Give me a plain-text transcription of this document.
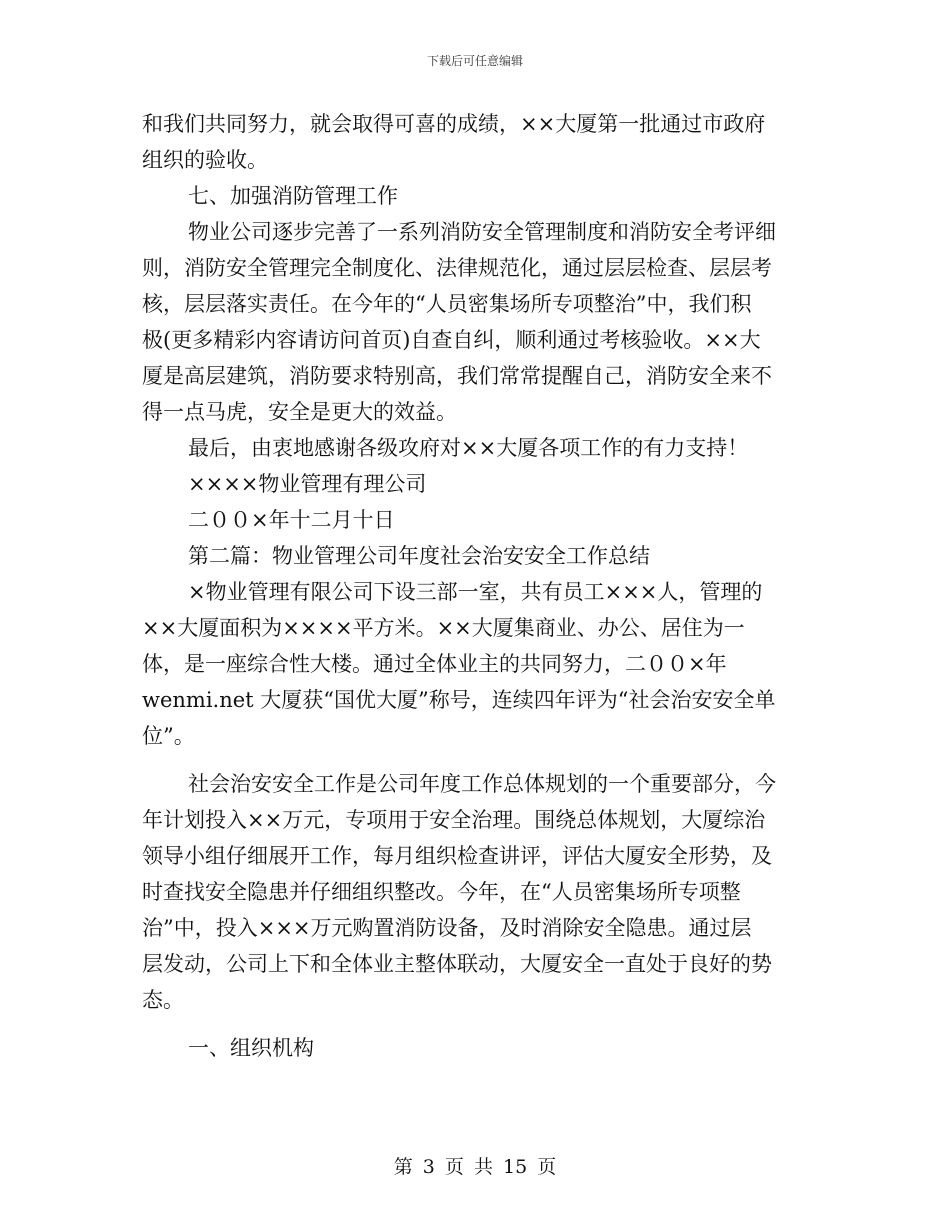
下载后可任意编辑
和我们共同努力，就会取得可喜的成绩，××大厦第一批通过市政府
组织的验收。
七、加强消防管理工作
物业公司逐步完善了一系列消防安全管理制度和消防安全考评细
则，消防安全管理完全制度化、法律规范化，通过层层检查、层层考
核，层层落实责任。在今年的“人员密集场所专项整治”中，我们积
极(更多精彩内容请访问首页)自查自纠，顺利通过考核验收。××大
厦是高层建筑，消防要求特别高，我们常常提醒自己，消防安全来不
得一点马虎，安全是更大的效益。
最后，由衷地感谢各级攻府对××大厦各项工作的有力支持！
××××物业管理有理公司
二００×年十二月十日
第二篇：物业管理公司年度社会治安安全工作总结
×物业管理有限公司下设三部一室，共有员工×××人，管理的
××大厦面积为××××平方米。××大厦集商业、办公、居住为一
体，是一座综合性大楼。通过全体业主的共同努力，二００×年
wenmi.net 大厦获“国优大厦”称号，连续四年评为“社会治安安全单
位”。
社会治安安全工作是公司年度工作总体规划的一个重要部分，今
年计划投入××万元，专项用于安全治理。围绕总体规划，大厦综治
领导小组仔细展开工作，每月组织检查讲评，评估大厦安全形势，及
时查找安全隐患并仔细组织整改。今年，在“人员密集场所专项整
治”中，投入×××万元购置消防设备，及时消除安全隐患。通过层
层发动，公司上下和全体业主整体联动，大厦安全一直处于良好的势
态。
一、组织机构
第 3 页 共 15 页
